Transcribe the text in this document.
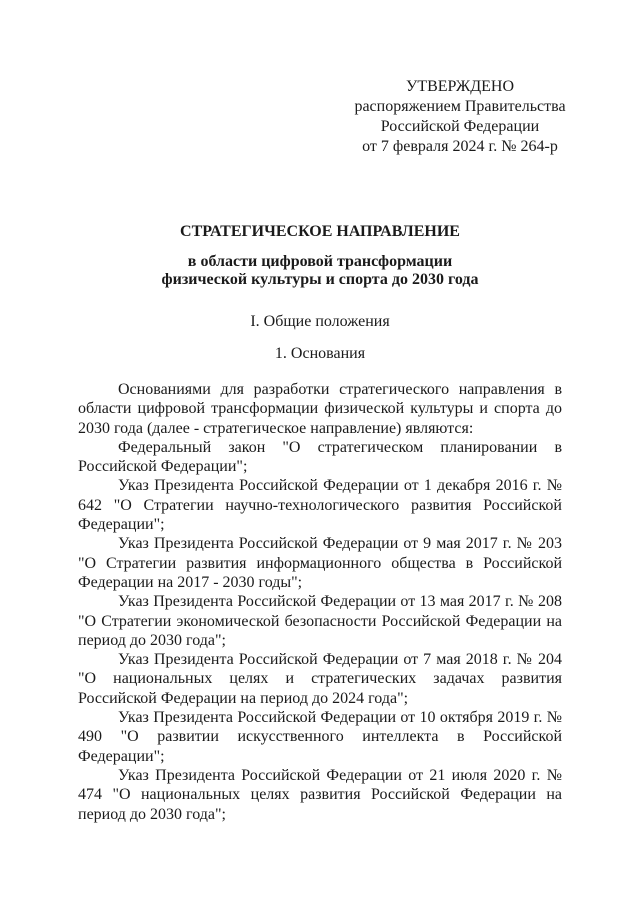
УТВЕРЖДЕНО
распоряжением Правительства
Российской Федерации
от 7 февраля 2024 г. № 264-р
СТРАТЕГИЧЕСКОЕ НАПРАВЛЕНИЕ
в области цифровой трансформации
физической культуры и спорта до 2030 года
I. Общие положения
1. Основания

Основаниями для разработки стратегического направления в области цифровой трансформации физической культуры и спорта до 2030 года (далее - стратегическое направление) являются:

Федеральный закон "О стратегическом планировании в Российской Федерации";

Указ Президента Российской Федерации от 1 декабря 2016 г. № 642 "О Стратегии научно-технологического развития Российской Федерации";

Указ Президента Российской Федерации от 9 мая 2017 г. № 203 "О Стратегии развития информационного общества в Российской Федерации на 2017 - 2030 годы";

Указ Президента Российской Федерации от 13 мая 2017 г. № 208 "О Стратегии экономической безопасности Российской Федерации на период до 2030 года";

Указ Президента Российской Федерации от 7 мая 2018 г. № 204 "О национальных целях и стратегических задачах развития Российской Федерации на период до 2024 года";

Указ Президента Российской Федерации от 10 октября 2019 г. № 490 "О развитии искусственного интеллекта в Российской Федерации";

Указ Президента Российской Федерации от 21 июля 2020 г. № 474 "О национальных целях развития Российской Федерации на период до 2030 года";
